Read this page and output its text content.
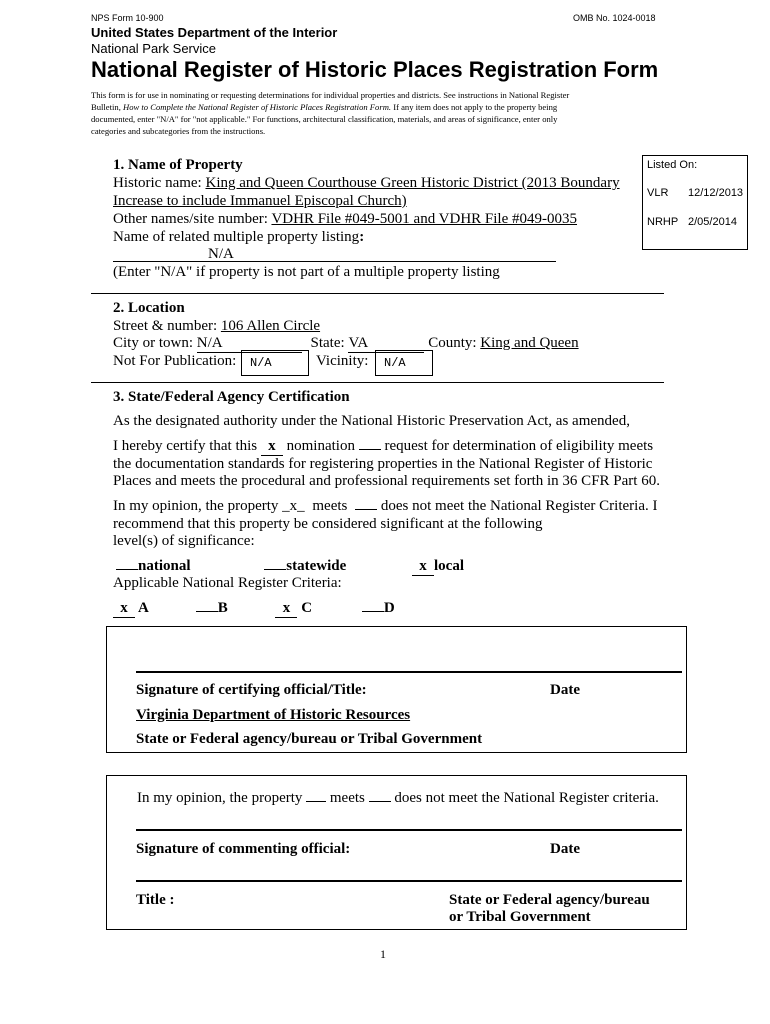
NPS Form 10-900	OMB No. 1024-0018
United States Department of the Interior
National Park Service
National Register of Historic Places Registration Form
This form is for use in nominating or requesting determinations for individual properties and districts. See instructions in National Register
Bulletin, How to Complete the National Register of Historic Places Registration Form. If any item does not apply to the property being
documented, enter "N/A" for "not applicable." For functions, architectural classification, materials, and areas of significance, enter only
categories and subcategories from the instructions.
Listed On:
VLR 12/12/2013
NRHP 2/05/2014
1. Name of Property
Historic name: King and Queen Courthouse Green Historic District (2013 Boundary
Increase to include Immanuel Episcopal Church)
Other names/site number: VDHR File #049-5001 and VDHR File #049-0035
Name of related multiple property listing:
N/A
(Enter "N/A" if property is not part of a multiple property listing
2. Location
Street & number: 106 Allen Circle
City or town: N/A	State: VA	County: King and Queen
Not For Publication: N/A	Vicinity: N/A
3. State/Federal Agency Certification
As the designated authority under the National Historic Preservation Act, as amended,
I hereby certify that this x nomination request for determination of eligibility meets
the documentation standards for registering properties in the National Register of Historic
Places and meets the procedural and professional requirements set forth in 36 CFR Part 60.
In my opinion, the property _x_ meets does not meet the National Register Criteria. I
recommend that this property be considered significant at the following
level(s) of significance:
national	statewide	x local
Applicable National Register Criteria:
x A	B	x C	D
Signature of certifying official/Title:	Date
Virginia Department of Historic Resources
State or Federal agency/bureau or Tribal Government
In my opinion, the property meets does not meet the National Register criteria.
Signature of commenting official:	Date
Title :	State or Federal agency/bureau
or Tribal Government
1
